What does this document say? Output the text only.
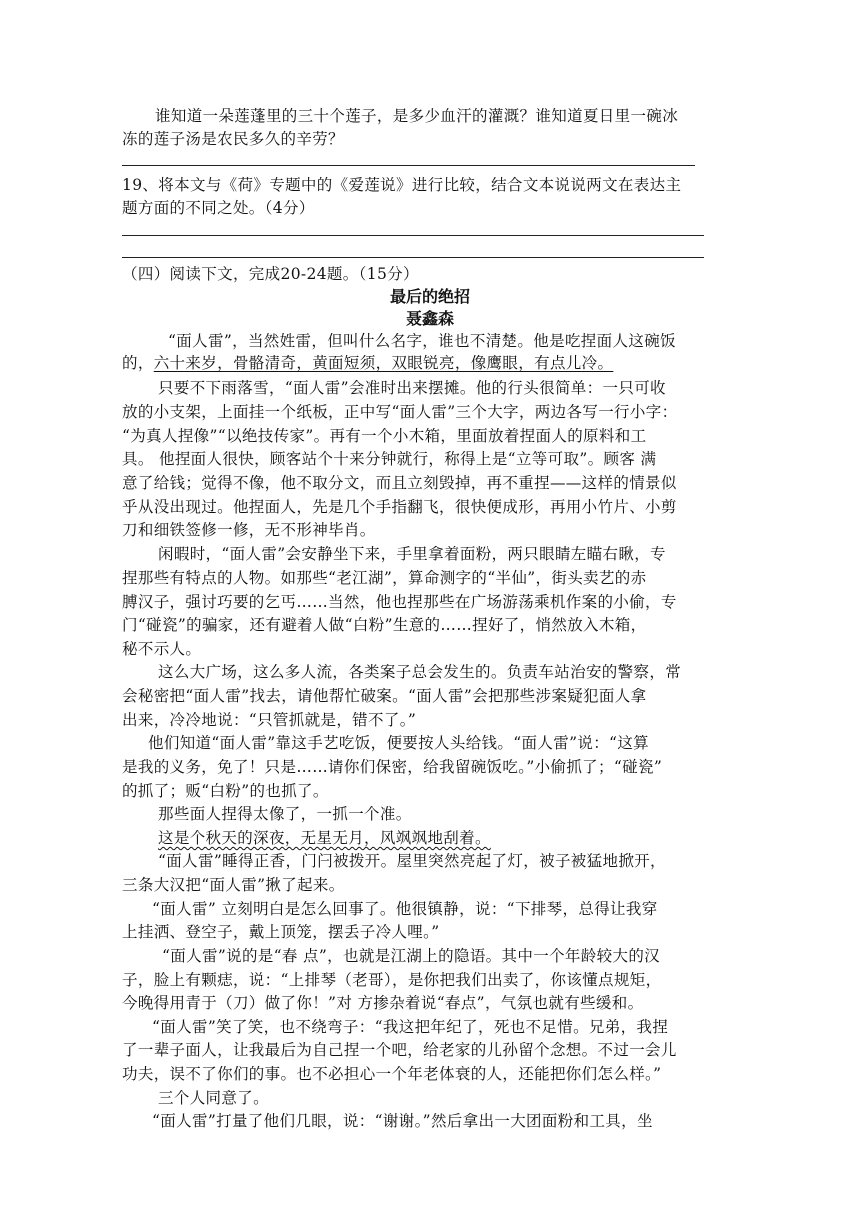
谁知道一朵莲蓬里的三十个莲子，是多少血汗的灌溉？谁知道夏日里一碗冰
冻的莲子汤是农民多久的辛劳？
19、将本文与《荷》专题中的《爱莲说》进行比较，结合文本说说两文在表达主
题方面的不同之处。（4分）
（四）阅读下文，完成20-24题。（15分）
最后的绝招
聂鑫森
“面人雷”，当然姓雷，但叫什么名字，谁也不清楚。他是吃捏面人这碗饭
的，六十来岁，骨骼清奇，黄面短须，双眼锐亮，像鹰眼，有点儿冷。
只要不下雨落雪，“面人雷”会准时出来摆摊。他的行头很简单：一只可收
放的小支架，上面挂一个纸板，正中写“面人雷”三个大字，两边各写一行小字：
“为真人捏像”“以绝技传家”。再有一个小木箱，里面放着捏面人的原料和工
具。 他捏面人很快，顾客站个十来分钟就行，称得上是“立等可取”。顾客 满
意了给钱；觉得不像，他不取分文，而且立刻毁掉，再不重捏——这样的情景似
乎从没出现过。他捏面人，先是几个手指翻飞，很快便成形，再用小竹片、小剪
刀和细铁签修一修，无不形神毕肖。
闲暇时，“面人雷”会安静坐下来，手里拿着面粉，两只眼睛左瞄右瞅，专
捏那些有特点的人物。如那些“老江湖”，算命测字的“半仙”，街头卖艺的赤
膊汉子，强讨巧要的乞丐……当然，他也捏那些在广场游荡乘机作案的小偷，专
门“碰瓷”的骗家，还有避着人做“白粉”生意的……捏好了，悄然放入木箱，
秘不示人。
这么大广场，这么多人流，各类案子总会发生的。负责车站治安的警察，常
会秘密把“面人雷”找去，请他帮忙破案。“面人雷”会把那些涉案疑犯面人拿
出来，冷冷地说：“只管抓就是，错不了。”
他们知道“面人雷”靠这手艺吃饭，便要按人头给钱。“面人雷”说：“这算
是我的义务，免了！只是……请你们保密，给我留碗饭吃。”小偷抓了；“碰瓷”
的抓了；贩“白粉”的也抓了。
那些面人捏得太像了，一抓一个准。
这是个秋天的深夜，无星无月，风飒飒地刮着。
“面人雷”睡得正香，门闩被拨开。屋里突然亮起了灯，被子被猛地掀开，
三条大汉把“面人雷”揪了起来。
“面人雷” 立刻明白是怎么回事了。他很镇静，说：“下排琴，总得让我穿
上挂洒、登空子，戴上顶笼，摆丢子冷人哩。”
“面人雷”说的是“春 点”，也就是江湖上的隐语。其中一个年龄较大的汉
子，脸上有颗痣，说：“上排琴（老哥），是你把我们出卖了，你该懂点规矩，
今晚得用青于（刀）做了你！”对 方掺杂着说“春点”，气氛也就有些缓和。
“面人雷”笑了笑，也不绕弯子：“我这把年纪了，死也不足惜。兄弟，我捏
了一辈子面人，让我最后为自己捏一个吧，给老家的儿孙留个念想。不过一会儿
功夫，误不了你们的事。也不必担心一个年老体衰的人，还能把你们怎么样。”
三个人同意了。
“面人雷”打量了他们几眼，说：“谢谢。”然后拿出一大团面粉和工具，坐
